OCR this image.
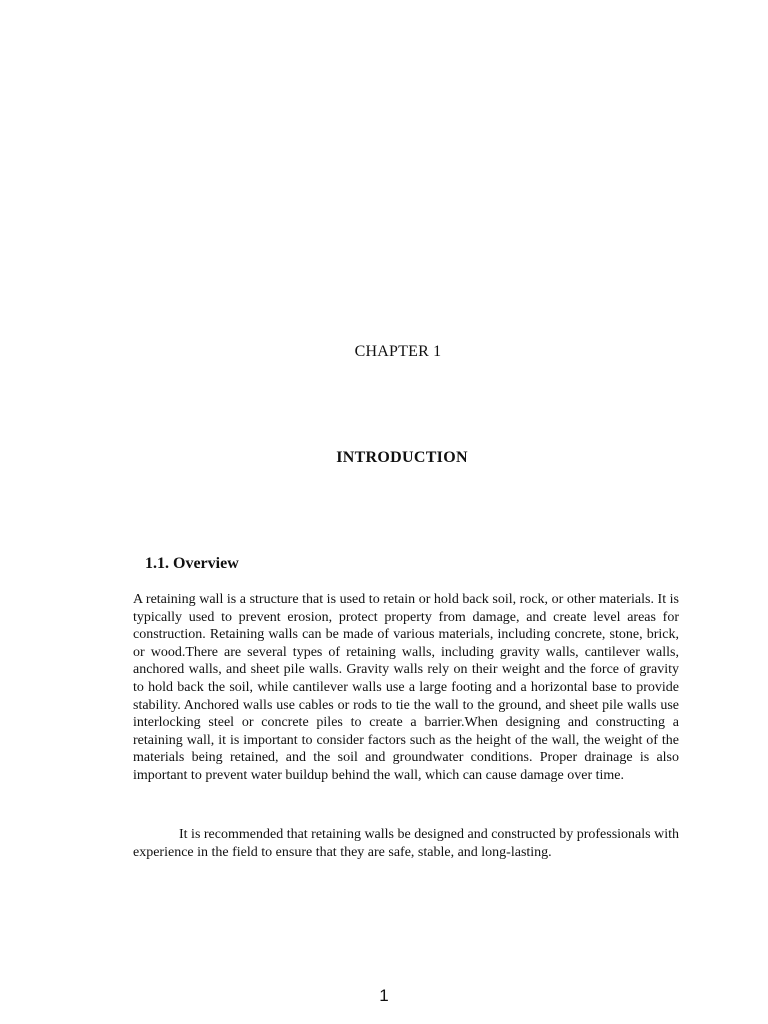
CHAPTER 1
INTRODUCTION
1.1. Overview

A retaining wall is a structure that is used to retain or hold back soil, rock, or other materials. It is typically used to prevent erosion, protect property from damage, and create level areas for construction. Retaining walls can be made of various materials, including concrete, stone, brick, or wood.There are several types of retaining walls, including gravity walls, cantilever walls, anchored walls, and sheet pile walls. Gravity walls rely on their weight and the force of gravity to hold back the soil, while cantilever walls use a large footing and a horizontal base to provide stability. Anchored walls use cables or rods to tie the wall to the ground, and sheet pile walls use interlocking steel or concrete piles to create a barrier.When designing and constructing a retaining wall, it is important to consider factors such as the height of the wall, the weight of the materials being retained, and the soil and groundwater conditions. Proper drainage is also important to prevent water buildup behind the wall, which can cause damage over time.

It is recommended that retaining walls be designed and constructed by professionals with experience in the field to ensure that they are safe, stable, and long-lasting.

1
